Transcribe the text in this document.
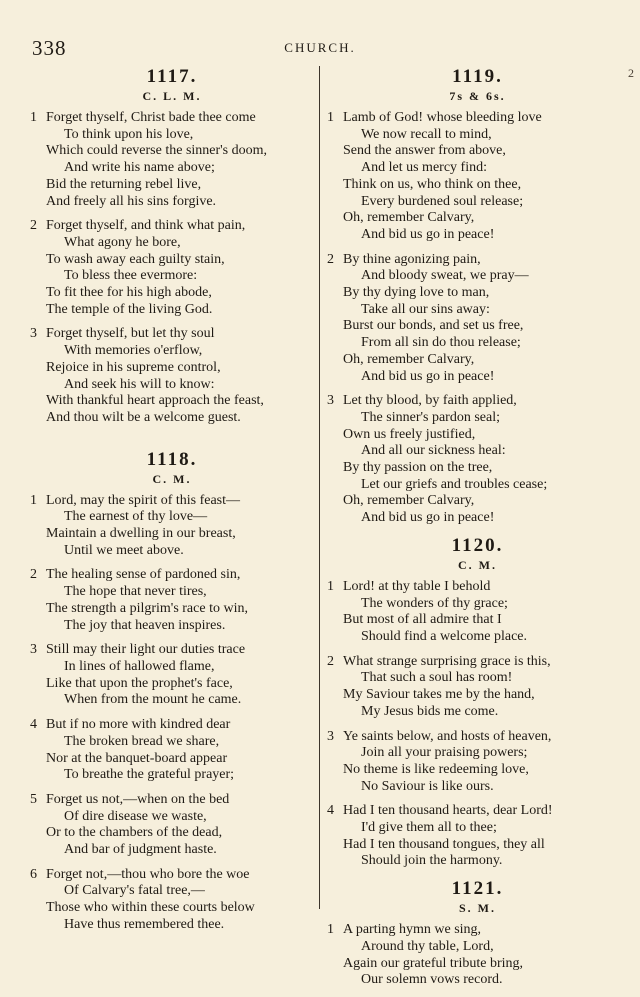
338	CHURCH.
2
1117.
C. L. M.
1 Forget thyself, Christ bade thee come
To think upon his love,
Which could reverse the sinner's doom,
And write his name above;
Bid the returning rebel live,
And freely all his sins forgive.
2 Forget thyself, and think what pain,
What agony he bore,
To wash away each guilty stain,
To bless thee evermore:
To fit thee for his high abode,
The temple of the living God.
3 Forget thyself, but let thy soul
With memories o'erflow,
Rejoice in his supreme control,
And seek his will to know:
With thankful heart approach the feast,
And thou wilt be a welcome guest.
1118.
C. M.
1 Lord, may the spirit of this feast—
The earnest of thy love—
Maintain a dwelling in our breast,
Until we meet above.
2 The healing sense of pardoned sin,
The hope that never tires,
The strength a pilgrim's race to win,
The joy that heaven inspires.
3 Still may their light our duties trace
In lines of hallowed flame,
Like that upon the prophet's face,
When from the mount he came.
4 But if no more with kindred dear
The broken bread we share,
Nor at the banquet-board appear
To breathe the grateful prayer;
5 Forget us not,—when on the bed
Of dire disease we waste,
Or to the chambers of the dead,
And bar of judgment haste.
6 Forget not,—thou who bore the woe
Of Calvary's fatal tree,—
Those who within these courts below
Have thus remembered thee.
1119.
7s & 6s.
1 Lamb of God! whose bleeding love
We now recall to mind,
Send the answer from above,
And let us mercy find:
Think on us, who think on thee,
Every burdened soul release;
Oh, remember Calvary,
And bid us go in peace!
2 By thine agonizing pain,
And bloody sweat, we pray—
By thy dying love to man,
Take all our sins away:
Burst our bonds, and set us free,
From all sin do thou release;
Oh, remember Calvary,
And bid us go in peace!
3 Let thy blood, by faith applied,
The sinner's pardon seal;
Own us freely justified,
And all our sickness heal:
By thy passion on the tree,
Let our griefs and troubles cease;
Oh, remember Calvary,
And bid us go in peace!
1120.
C. M.
1 Lord! at thy table I behold
The wonders of thy grace;
But most of all admire that I
Should find a welcome place.
2 What strange surprising grace is this,
That such a soul has room!
My Saviour takes me by the hand,
My Jesus bids me come.
3 Ye saints below, and hosts of heaven,
Join all your praising powers;
No theme is like redeeming love,
No Saviour is like ours.
4 Had I ten thousand hearts, dear Lord!
I'd give them all to thee;
Had I ten thousand tongues, they all
Should join the harmony.
1121.
S. M.
1 A parting hymn we sing,
Around thy table, Lord,
Again our grateful tribute bring,
Our solemn vows record.
